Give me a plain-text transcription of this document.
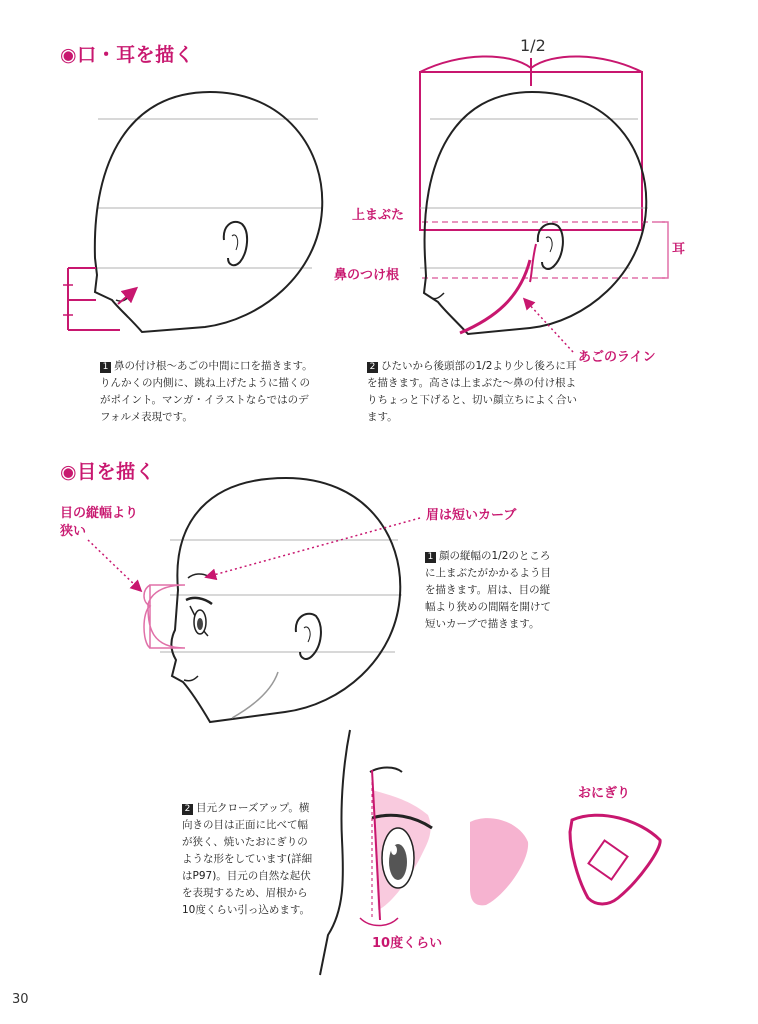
◉口・耳を描く
◉目を描く
1/2
上まぶた
鼻のつけ根
耳
あごのライン
1 鼻の付け根～あごの中間に口を描きます。りんかくの内側に、跳ね上げたように描くのがポイント。マンガ・イラストならではのデフォルメ表現です。
2 ひたいから後頭部の1/2より少し後ろに耳を描きます。高さは上まぶた～鼻の付け根よりちょっと下げると、切い顔立ちによく合います。
目の縦幅より狭い
眉は短いカーブ
おにぎり
10度くらい
1 顔の縦幅の1/2のところに上まぶたがかかるよう目を描きます。眉は、目の縦幅より狭めの間隔を開けて短いカーブで描きます。
2 目元クローズアップ。横向きの目は正面に比べて幅が狭く、焼いたおにぎりのような形をしています(詳細はP97)。目元の自然な起伏を表現するため、眉根から10度くらい引っ込めます。
30
